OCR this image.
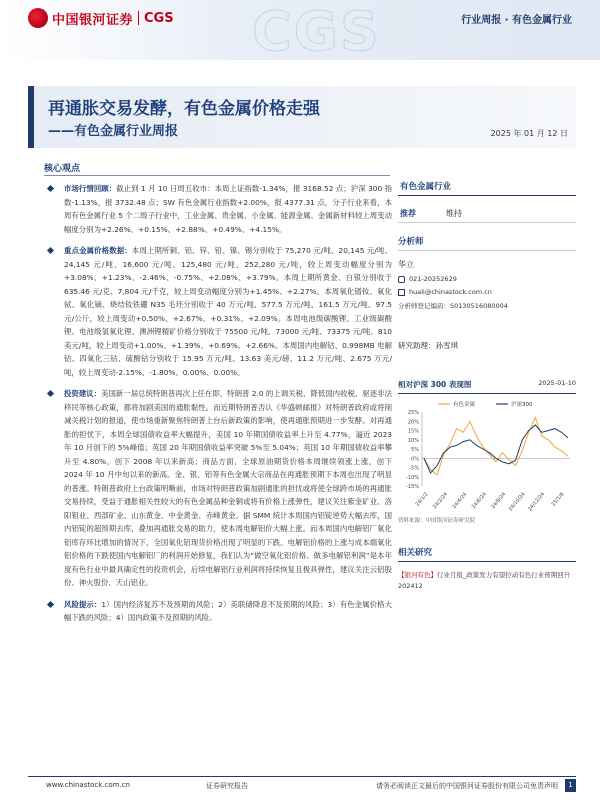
中国银河证券 CGS CGS	行业周报 · 有色金属行业
再通胀交易发酵，有色金属价格走强
——有色金属行业周报	2025 年 01 月 12 日
核心观点
市场行情回顾：截止到 1 月 10 日周五收市：本周上证指数-1.34%，报 3168.52 点；沪深 300 指数-1.13%，报 3732.48 点；SW 有色金属行业指数+2.00%，报 4377.31 点，分子行业来看，本周有色金属行业 5 个二级子行业中，工业金属、贵金属、小金属、能源金属、金属新材料较上周变动幅度分别为+2.26%、+0.15%、+2.88%、+0.49%、+4.15%。
重点金属价格数据：本周上期所铜、铝、锌、铅、镍、锡分别收于 75,270 元/吨、20,145 元/吨、24,145 元/吨、16,600 元/吨、125,480 元/吨、252,280 元/吨，较上周变动幅度分别为+3.08%、+1.23%、-2.46%、-0.75%、+2.08%、+3.79%。本周上期所黄金、白银分别收于 635.46 元/克、7,804 元/千克，较上周变动幅度分别为+1.45%、+2.27%。本周氧化镨钕、氧化铽、氧化镝、烧结钕铁硼 N35 毛坯分别收于 40 万元/吨、577.5 万元/吨、161.5 万元/吨、97.5 元/公斤，较上周变动+0.50%、+2.67%、+0.31%、+2.09%。本周电池级碳酸锂、工业级碳酸锂、电池级氢氧化锂、澳洲锂精矿价格分别收于 75500 元/吨、73000 元/吨、73375 元/吨、810 美元/吨，较上周变动+1.00%、+1.39%、+0.69%、+2.66%。本周国内电解钴、0.998MB 电解钴、四氧化三钴、硫酸钴分别收于 15.95 万元/吨、13.63 美元/磅、11.2 万元/吨、2.675 万元/吨，较上周变动-2.15%、-1.80%、0.00%、0.00%。
投资建议：美国新一届总统特朗普再次上任在即，特朗普 2.0 的上调关税、降低国内收税、驱逐非法移民等核心政策，都将加剧美国的通胀黏性。而近期特朗普否认《华盛顿邮报》对特朗普政府或将削减关税计划的报道，使市场重新聚焦特朗普上台后新政策的影响，使再通胀预期进一步发酵。对再通胀的担忧下，本周全球国债收益率大幅提升，美国 10 年期国债收益率上升至 4.77%，逼近 2023 年 10 月创下的 5%峰值；英国 20 年期国债收益率突破 5%至 5.04%；英国 10 年期国债收益率攀升至 4.80%，创下 2008 年以来新高；商品方面，全球原油期货价格本周继续领涨上涨，创下 2024 年 10 月中旬以来的新高。金、银、铝等有色金属大宗商品在再通胀预期下本周也出现了明显的普涨。特朗普政府上台政策明晰前，市场对特朗普政策加剧通胀的担忧或将使全球跨市场的再通胀交易持续，受益于通胀相关性较大的有色金属品种金铜或将有价格上涨弹性，建议关注紫金矿业、洛阳钼业、西部矿业、山东黄金、中金黄金、赤峰黄金。据 SMM 统计本周国内铝锭逆势大幅去库，国内铝锭的超预期去库，叠加再通胀交易的助力，使本周电解铝价大幅上涨。而本周国内电解铝厂氧化铝库存环比增加的情况下，全国氧化铝现货价格出现了明显的下跌。电解铝价格的上涨与成本端氧化铝价格的下跌使国内电解铝厂的利润开始修复，我们认为“做空氧化铝价格、做多电解铝利润”是本年度有色行业中最具确定性的投资机会，后续电解铝行业利润将持续恢复且极具弹性，建议关注云铝股份、神火股份、天山铝业。
风险提示：1）国内经济复苏不及预期的风险；2）美联储降息不及预期的风险；3）有色金属价格大幅下跌的风险；4）国内政策不及预期的风险。
有色金属行业
推荐	维持
分析师
华立
021-20252629
huali@chinastock.com.cn
分析师登记编码：S0130516080004
研究助理：孙雪琪
相对沪深 300 表现图	2025-01-10
25%
20%
15%
10%
5%
0%
-5%
-10%
-15%
24/1/2 24/2/24 24/4/24 24/6/24 24/8/24 24/10/24 24/12/24 25/1/6
有色金属	沪深300
资料来源：中国银河证券研究院
相关研究
【银河有色】行业月报_政策发力有望拉动有色行业预期回升 202412
www.chinastock.com.cn	证券研究报告	请务必阅读正文最后的中国银河证券股份有限公司免责声明	1
